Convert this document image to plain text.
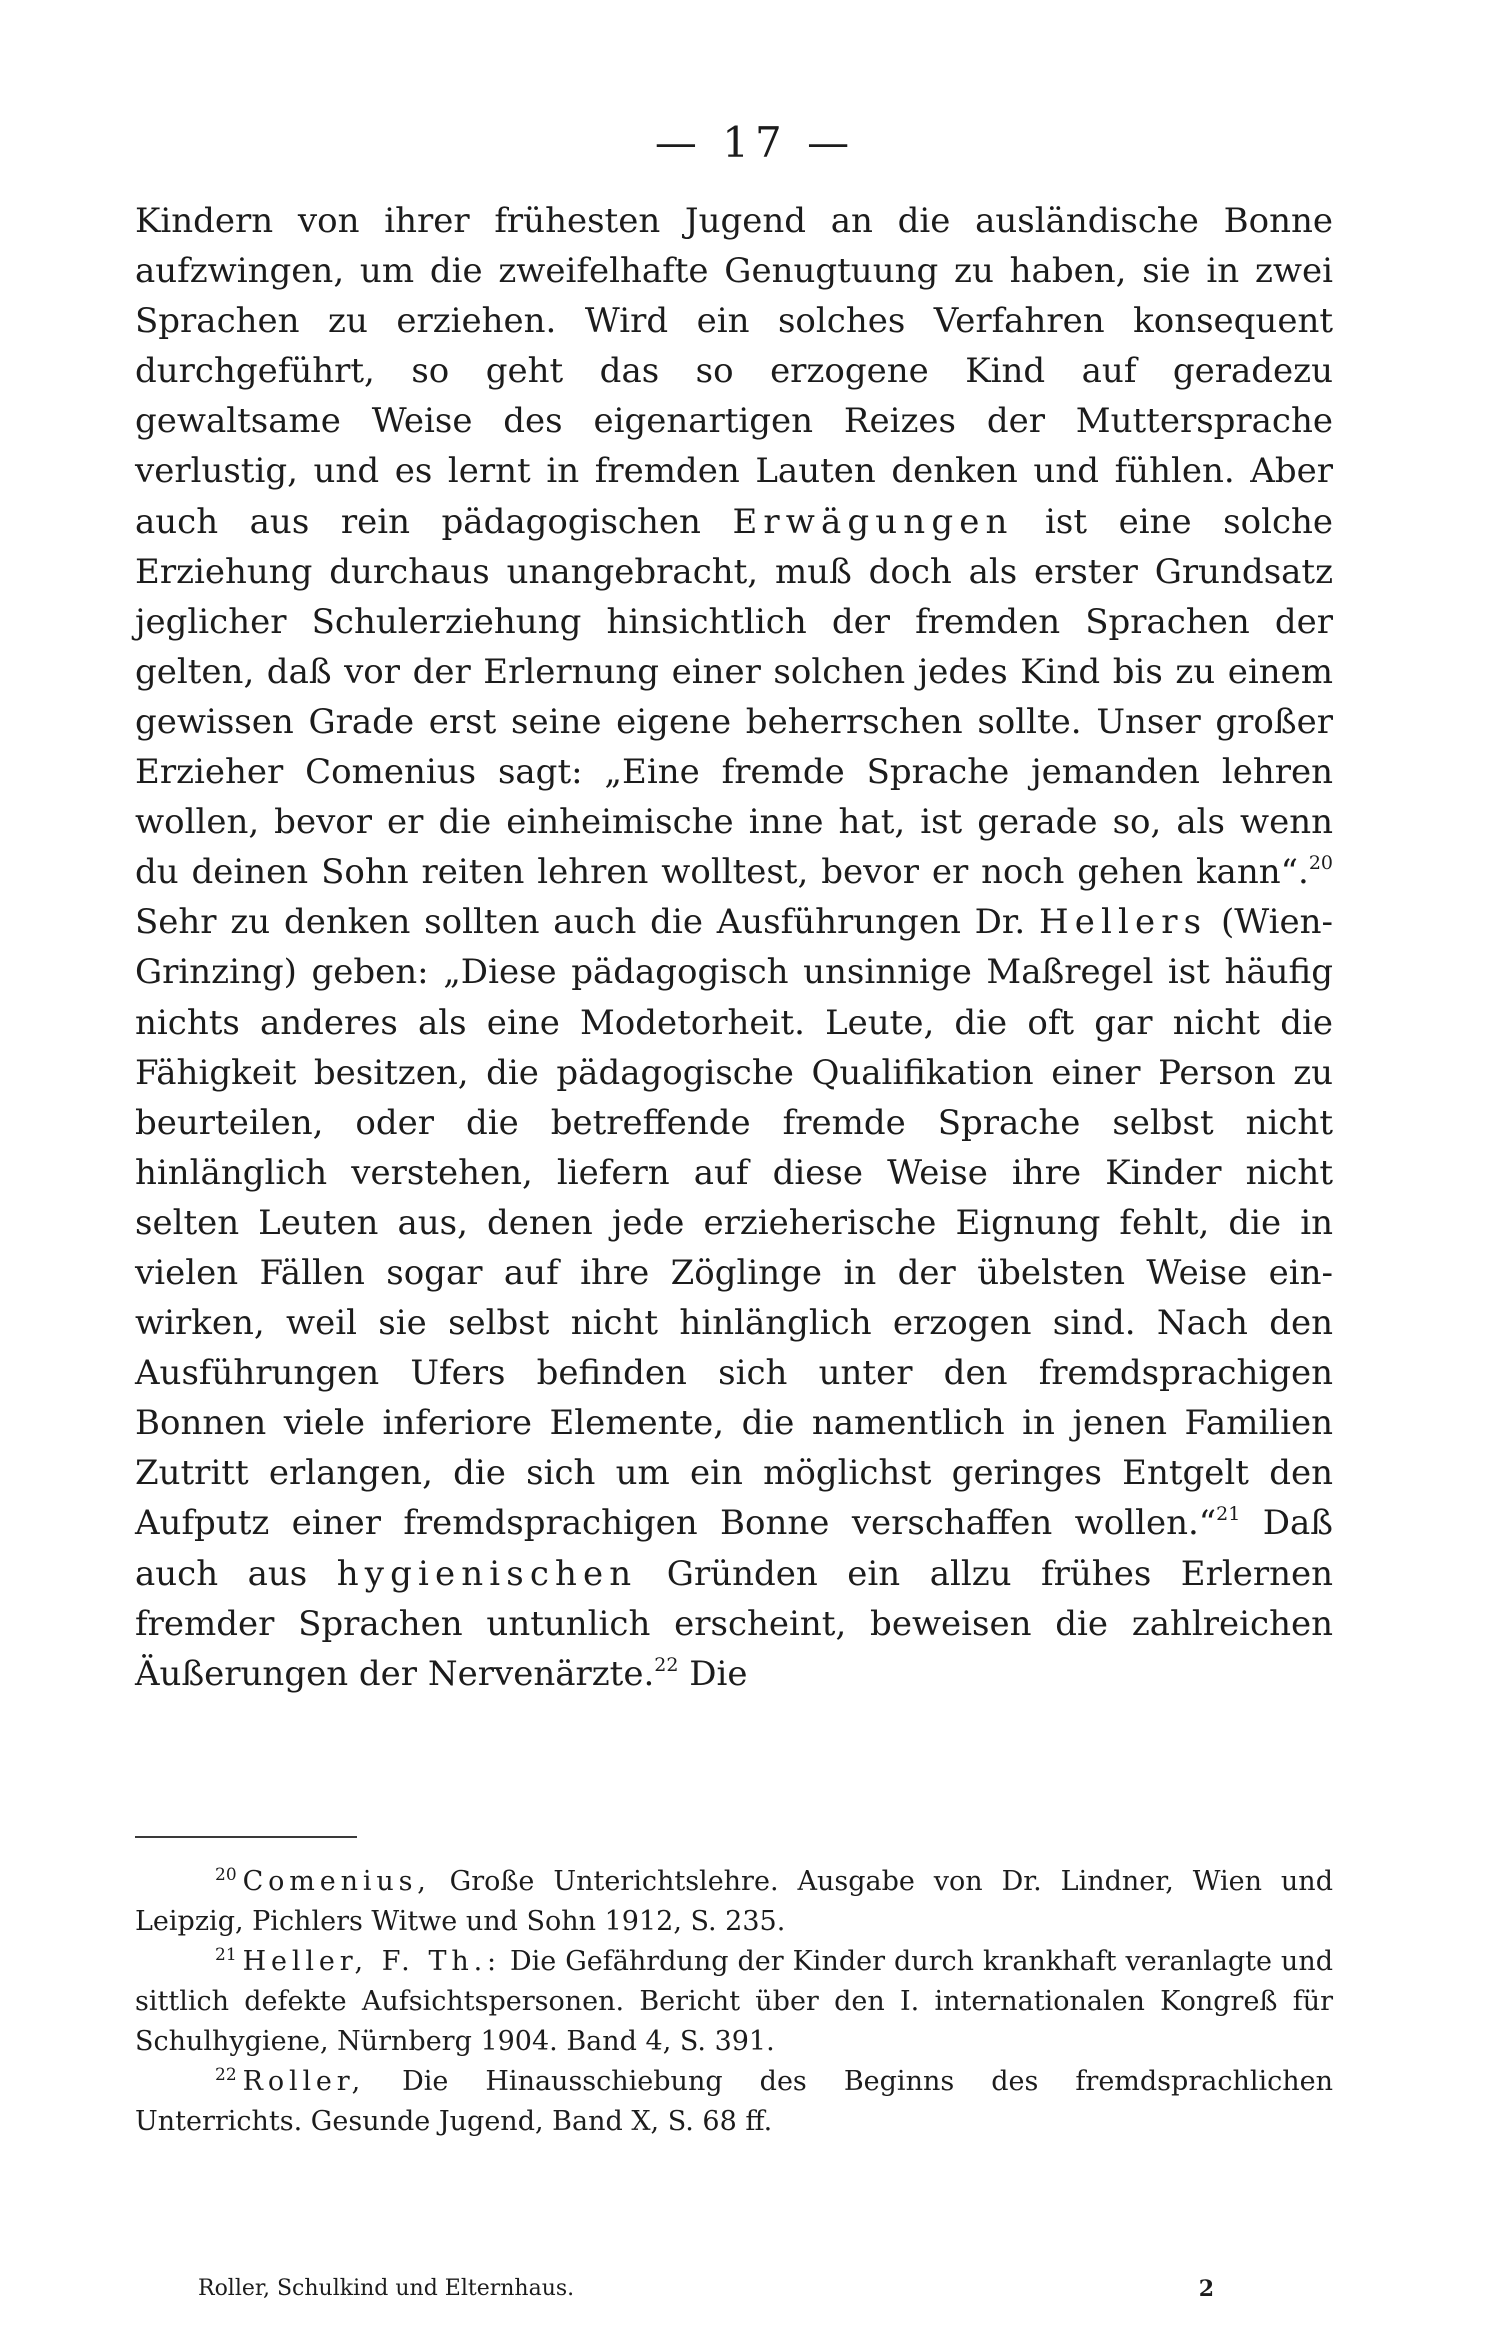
— 17 —

Kindern von ihrer frühesten Jugend an die ausländische Bonne aufzwingen, um die zweifelhafte Genugtuung zu haben, sie in zwei Sprachen zu erziehen. Wird ein solches Verfahren konsequent durchgeführt, so geht das so erzogene Kind auf geradezu gewaltsame Weise des eigenartigen Reizes der Muttersprache verlustig, und es lernt in fremden Lauten denken und fühlen. Aber auch aus rein pädagogischen Erwägungen ist eine solche Erziehung durchaus unangebracht, muß doch als erster Grundsatz jeglicher Schulerziehung hinsichtlich der fremden Sprachen der gelten, daß vor der Erlernung einer solchen jedes Kind bis zu einem gewissen Grade erst seine eigene beherrschen sollte. Unser großer Erzieher Comenius sagt: „Eine fremde Sprache jemanden lehren wollen, bevor er die einheimische inne hat, ist gerade so, als wenn du deinen Sohn reiten lehren wolltest, bevor er noch gehen kann“.$^{20}$ Sehr zu denken sollten auch die Ausführungen Dr. Hellers (Wien-Grinzing) geben: „Diese pädagogisch unsinnige Maßregel ist häufig nichts anderes als eine Modetorheit. Leute, die oft gar nicht die Fähigkeit besitzen, die pädagogische Qualifikation einer Person zu beurteilen, oder die betreffende fremde Sprache selbst nicht hinlänglich verstehen, liefern auf diese Weise ihre Kinder nicht selten Leuten aus, denen jede erzieherische Eignung fehlt, die in vielen Fällen sogar auf ihre Zöglinge in der übelsten Weise einwirken, weil sie selbst nicht hinlänglich erzogen sind. Nach den Ausführungen Ufers befinden sich unter den fremdsprachigen Bonnen viele inferiore Elemente, die namentlich in jenen Familien Zutritt erlangen, die sich um ein möglichst geringes Entgelt den Aufputz einer fremdsprachigen Bonne verschaffen wollen.“$^{21}$ Daß auch aus hygienischen Gründen ein allzu frühes Erlernen fremder Sprachen untunlich erscheint, beweisen die zahlreichen Äußerungen der Nervenärzte.$^{22}$ Die

$^{20}$ Comenius, Große Unterichtslehre. Ausgabe von Dr. Lindner, Wien und Leipzig, Pichlers Witwe und Sohn 1912, S. 235.

$^{21}$ Heller, F. Th.: Die Gefährdung der Kinder durch krankhaft veranlagte und sittlich defekte Aufsichtspersonen. Bericht über den I. internationalen Kongreß für Schulhygiene, Nürnberg 1904. Band 4, S. 391.

$^{22}$ Roller, Die Hinausschiebung des Beginns des fremdsprachlichen Unterrichts. Gesunde Jugend, Band X, S. 68 ff.

Roller, Schulkind und Elternhaus.	2
